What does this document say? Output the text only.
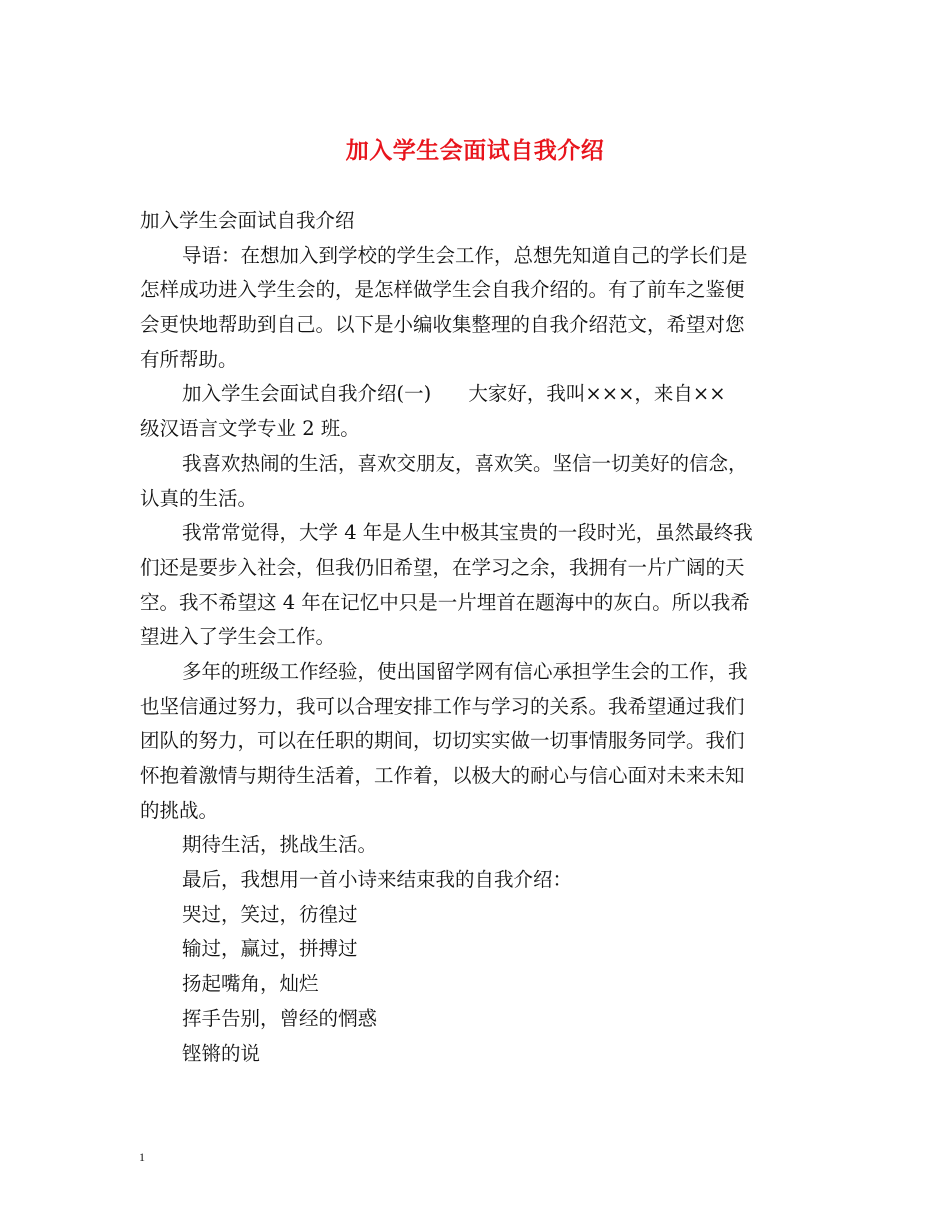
加入学生会面试自我介绍

加入学生会面试自我介绍

导语：在想加入到学校的学生会工作，总想先知道自己的学长们是

怎样成功进入学生会的，是怎样做学生会自我介绍的。有了前车之鉴便

会更快地帮助到自己。以下是小编收集整理的自我介绍范文，希望对您

有所帮助。

加入学生会面试自我介绍(一)      大家好，我叫×××，来自××

级汉语言文学专业 2 班。

我喜欢热闹的生活，喜欢交朋友，喜欢笑。坚信一切美好的信念，

认真的生活。

我常常觉得，大学 4 年是人生中极其宝贵的一段时光，虽然最终我

们还是要步入社会，但我仍旧希望，在学习之余，我拥有一片广阔的天

空。我不希望这 4 年在记忆中只是一片埋首在题海中的灰白。所以我希

望进入了学生会工作。

多年的班级工作经验，使出国留学网有信心承担学生会的工作，我

也坚信通过努力，我可以合理安排工作与学习的关系。我希望通过我们

团队的努力，可以在任职的期间，切切实实做一切事情服务同学。我们

怀抱着激情与期待生活着，工作着，以极大的耐心与信心面对未来未知

的挑战。

期待生活，挑战生活。

最后，我想用一首小诗来结束我的自我介绍：

哭过，笑过，彷徨过

输过，赢过，拼搏过

扬起嘴角，灿烂

挥手告别，曾经的惘惑

铿锵的说

1
